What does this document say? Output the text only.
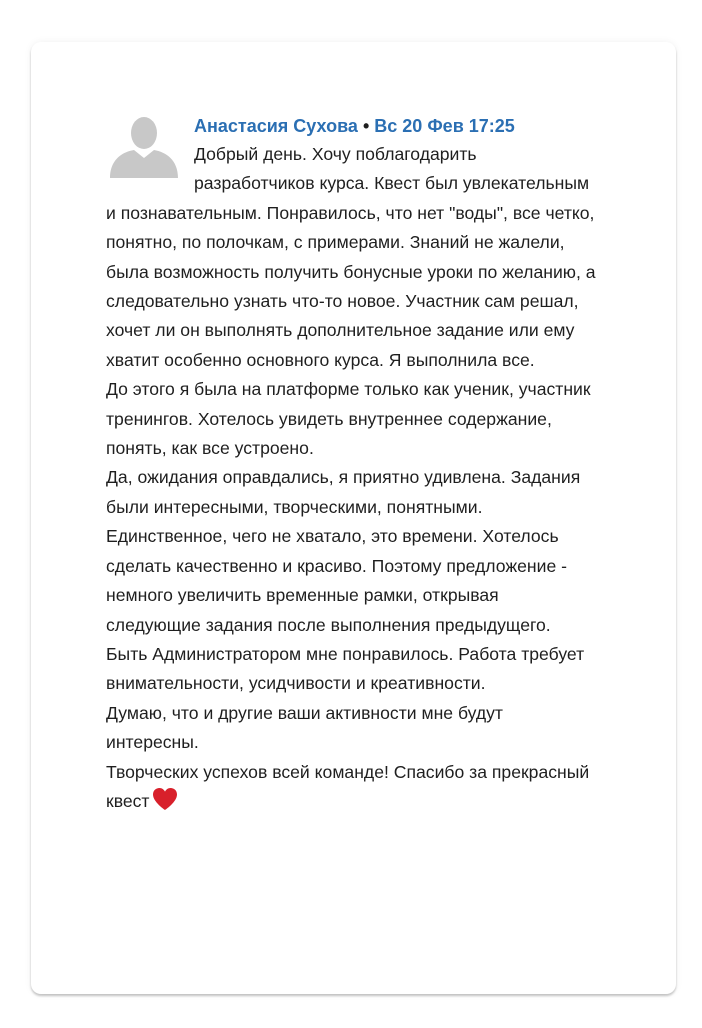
Анастасия Сухова • Вс 20 Фев 17:25
Добрый день. Хочу поблагодарить разработчиков курса. Квест был увлекательным и познавательным. Понравилось, что нет "воды", все четко, понятно, по полочкам, с примерами. Знаний не жалели, была возможность получить бонусные уроки по желанию, а следовательно узнать что-то новое. Участник сам решал, хочет ли он выполнять дополнительное задание или ему хватит особенно основного курса. Я выполнила все.
До этого я была на платформе только как ученик, участник тренингов. Хотелось увидеть внутреннее содержание, понять, как все устроено.
Да, ожидания оправдались, я приятно удивлена. Задания были интересными, творческими, понятными. Единственное, чего не хватало, это времени. Хотелось сделать качественно и красиво. Поэтому предложение - немного увеличить временные рамки, открывая следующие задания после выполнения предыдущего.
Быть Администратором мне понравилось. Работа требует внимательности, усидчивости и креативности.
Думаю, что и другие ваши активности мне будут интересны.
Творческих успехов всей команде! Спасибо за прекрасный квест
